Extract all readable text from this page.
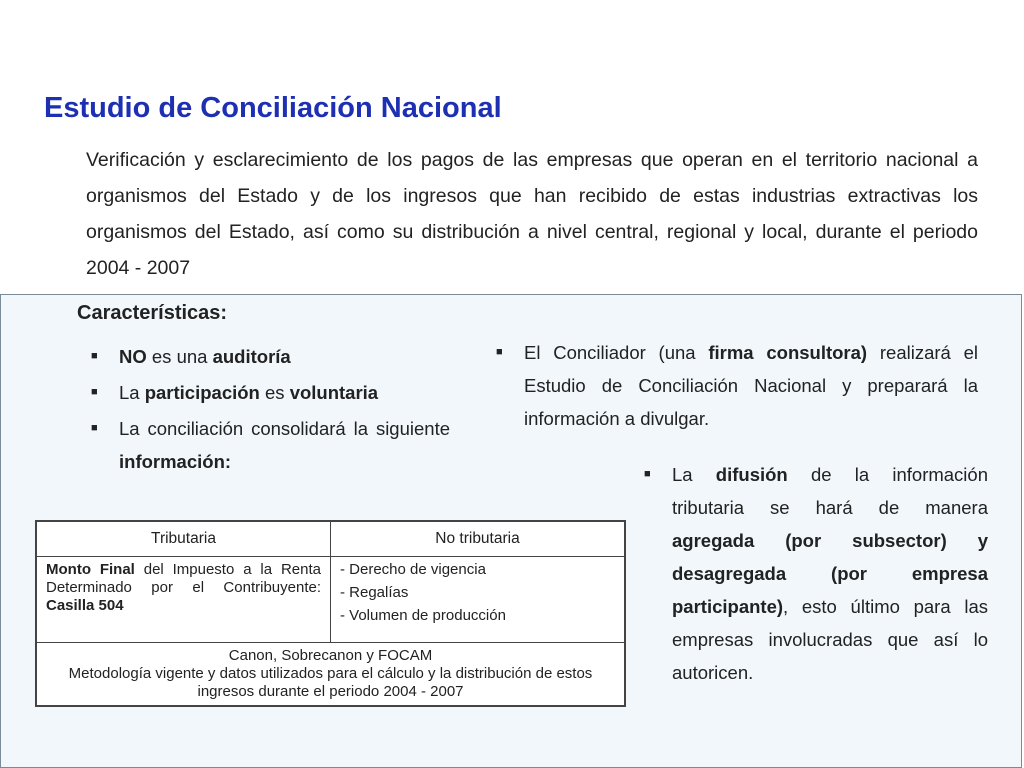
Estudio de Conciliación Nacional

Verificación y esclarecimiento de los pagos de las empresas que operan en el territorio nacional a organismos del Estado y de los ingresos que han recibido de estas industrias extractivas los organismos del Estado, así como su distribución a nivel central, regional y local, durante el periodo 2004 - 2007

Características:
■ NO es una auditoría
■ La participación es voluntaria
■ La conciliación consolidará la siguiente información:
■ El Conciliador (una firma consultora) realizará el Estudio de Conciliación Nacional y preparará la información a divulgar.
■ La difusión de la información tributaria se hará de manera agregada (por subsector) y desagregada (por empresa participante), esto último para las empresas involucradas que así lo autoricen.
Tributaria	No tributaria
Monto Final del Impuesto a la Renta Determinado por el Contribuyente: Casilla 504	- Derecho de vigencia
- Regalías
- Volumen de producción

Canon, Sobrecanon y FOCAM
Metodología vigente y datos utilizados para el cálculo y la distribución de estos ingresos durante el periodo 2004 - 2007	
